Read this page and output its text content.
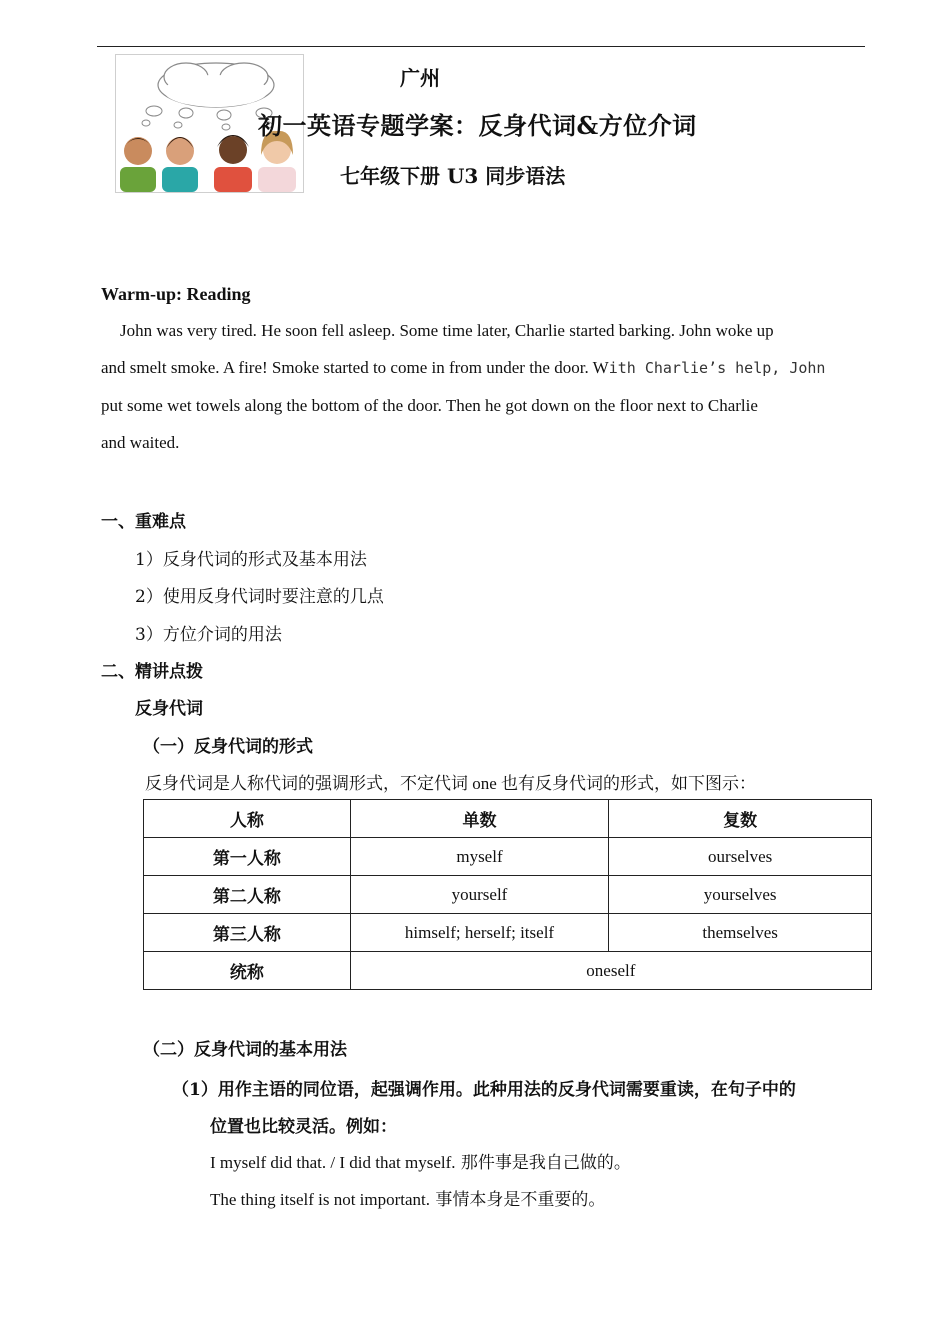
广州
初一英语专题学案：反身代词&方位介词
七年级下册 U3 同步语法
Warm-up: Reading
John was very tired. He soon fell asleep. Some time later, Charlie started barking. John woke up
and smelt smoke. A fire! Smoke started to come in from under the door. With Charlie’s help, John
put some wet towels along the bottom of the door. Then he got down on the floor next to Charlie
and waited.
一、重难点
1）反身代词的形式及基本用法
2）使用反身代词时要注意的几点
3）方位介词的用法
二、精讲点拨
反身代词
（一）反身代词的形式
反身代词是人称代词的强调形式，不定代词 one 也有反身代词的形式，如下图示：
人称	单数	复数
第一人称	myself	ourselves
第二人称	yourself	yourselves
第三人称	himself; herself; itself	themselves
统称	oneself	
（二）反身代词的基本用法
（1）用作主语的同位语，起强调作用。此种用法的反身代词需要重读，在句子中的
位置也比较灵活。例如：
I myself did that. / I did that myself. 那件事是我自己做的。
The thing itself is not important. 事情本身是不重要的。
